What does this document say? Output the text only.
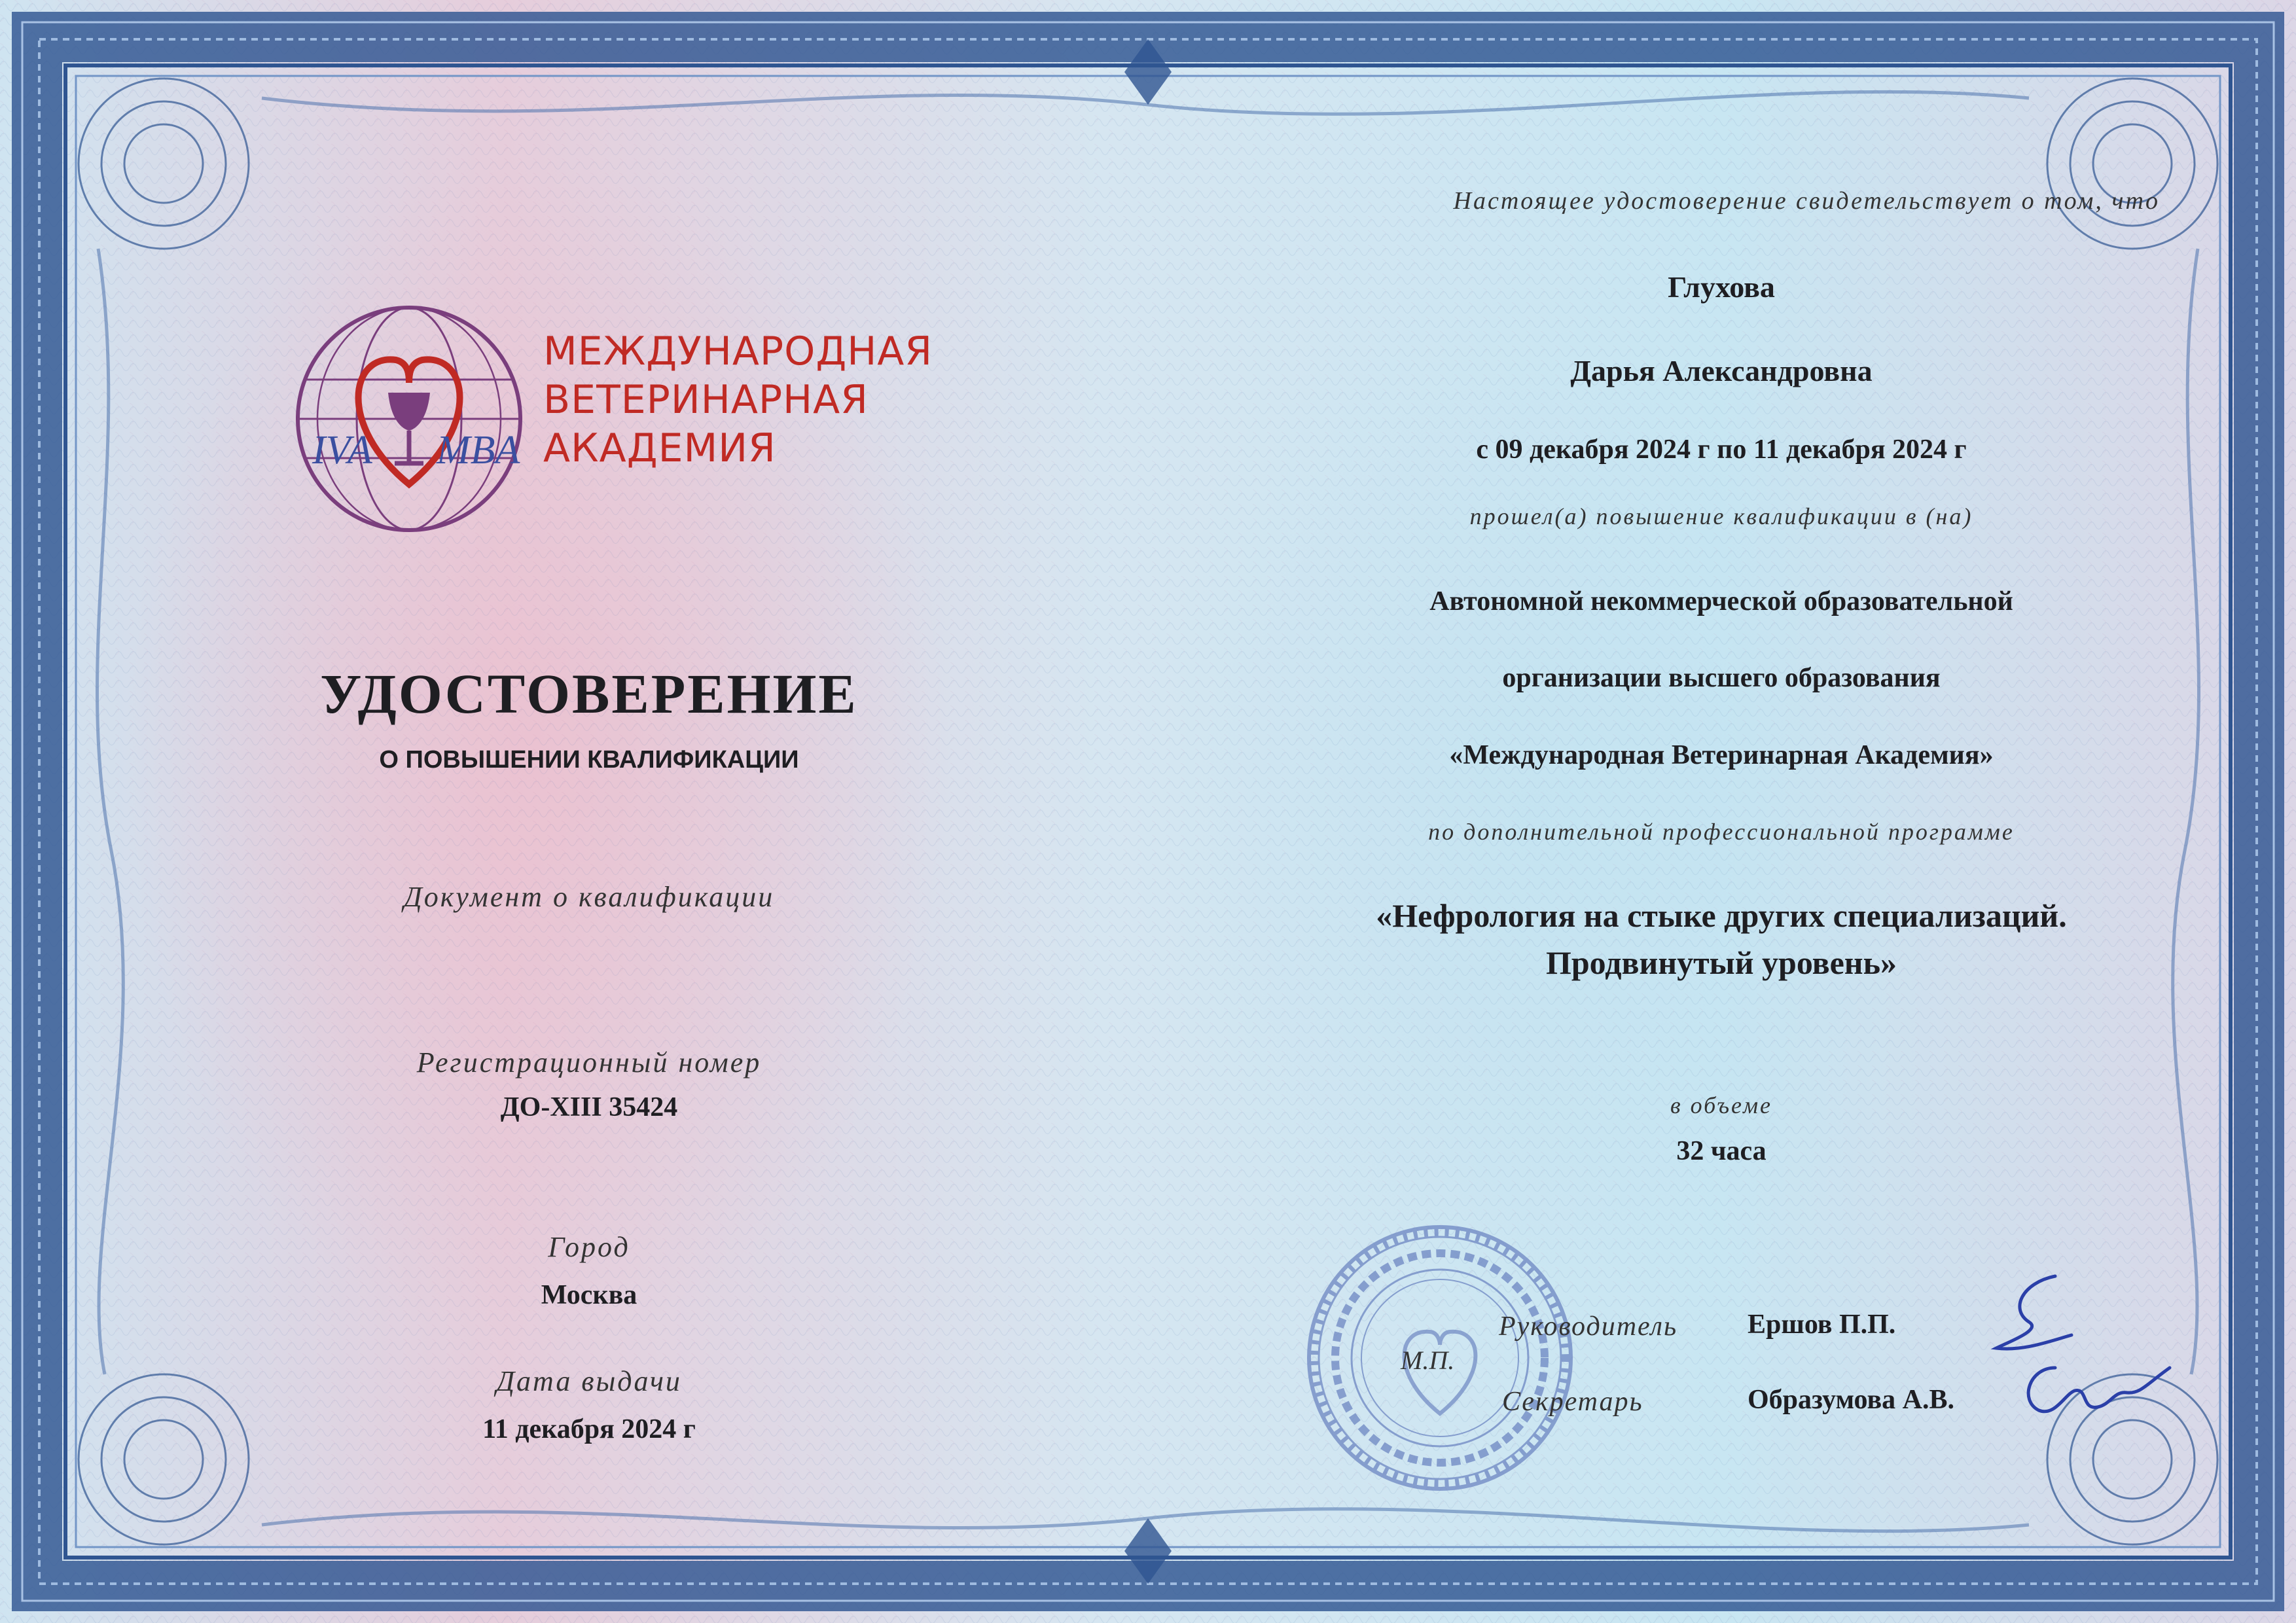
IVA MBA
МЕЖДУНАРОДНАЯ
ВЕТЕРИНАРНАЯ
АКАДЕМИЯ
УДОСТОВЕРЕНИЕ
О ПОВЫШЕНИИ КВАЛИФИКАЦИИ
Документ о квалификации
Регистрационный номер
ДО-XIII 35424
Город
Москва
Дата выдачи
11 декабря 2024 г
Настоящее удостоверение свидетельствует о том, что
Глухова
Дарья Александровна
с 09 декабря 2024 г по 11 декабря 2024 г
прошел(а) повышение квалификации в (на)
Автономной некоммерческой образовательной
организации высшего образования
«Международная Ветеринарная Академия»
по дополнительной профессиональной программе
«Нефрология на стыке других специализаций.
Продвинутый уровень»
в объеме
32 часа
М.П.
Руководитель	Ершов П.П.
Секретарь	Образумова А.В.
